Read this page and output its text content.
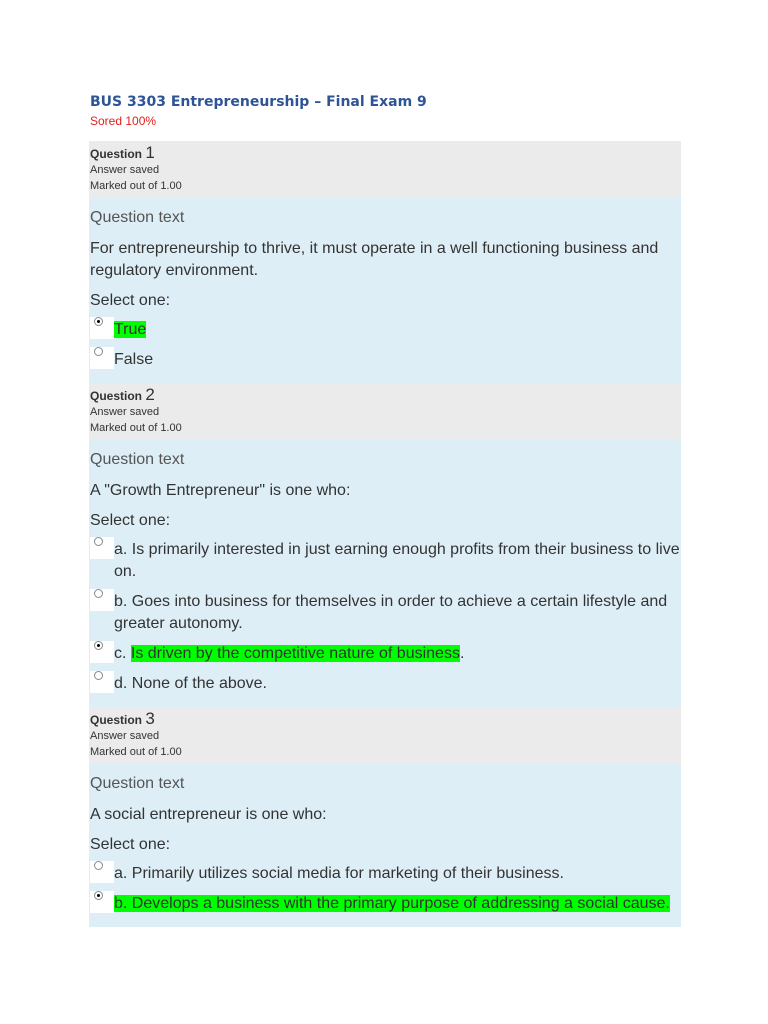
BUS 3303 Entrepreneurship – Final Exam 9
Sored 100%
Question 1
Answer saved
Marked out of 1.00
Question text
For entrepreneurship to thrive, it must operate in a well functioning business and regulatory environment.
Select one:
True
False
Question 2
Answer saved
Marked out of 1.00
Question text
A "Growth Entrepreneur" is one who:
Select one:
a. Is primarily interested in just earning enough profits from their business to live on.
b. Goes into business for themselves in order to achieve a certain lifestyle and greater autonomy.
c. Is driven by the competitive nature of business.
d. None of the above.
Question 3
Answer saved
Marked out of 1.00
Question text
A social entrepreneur is one who:
Select one:
a. Primarily utilizes social media for marketing of their business.
b. Develops a business with the primary purpose of addressing a social cause.
